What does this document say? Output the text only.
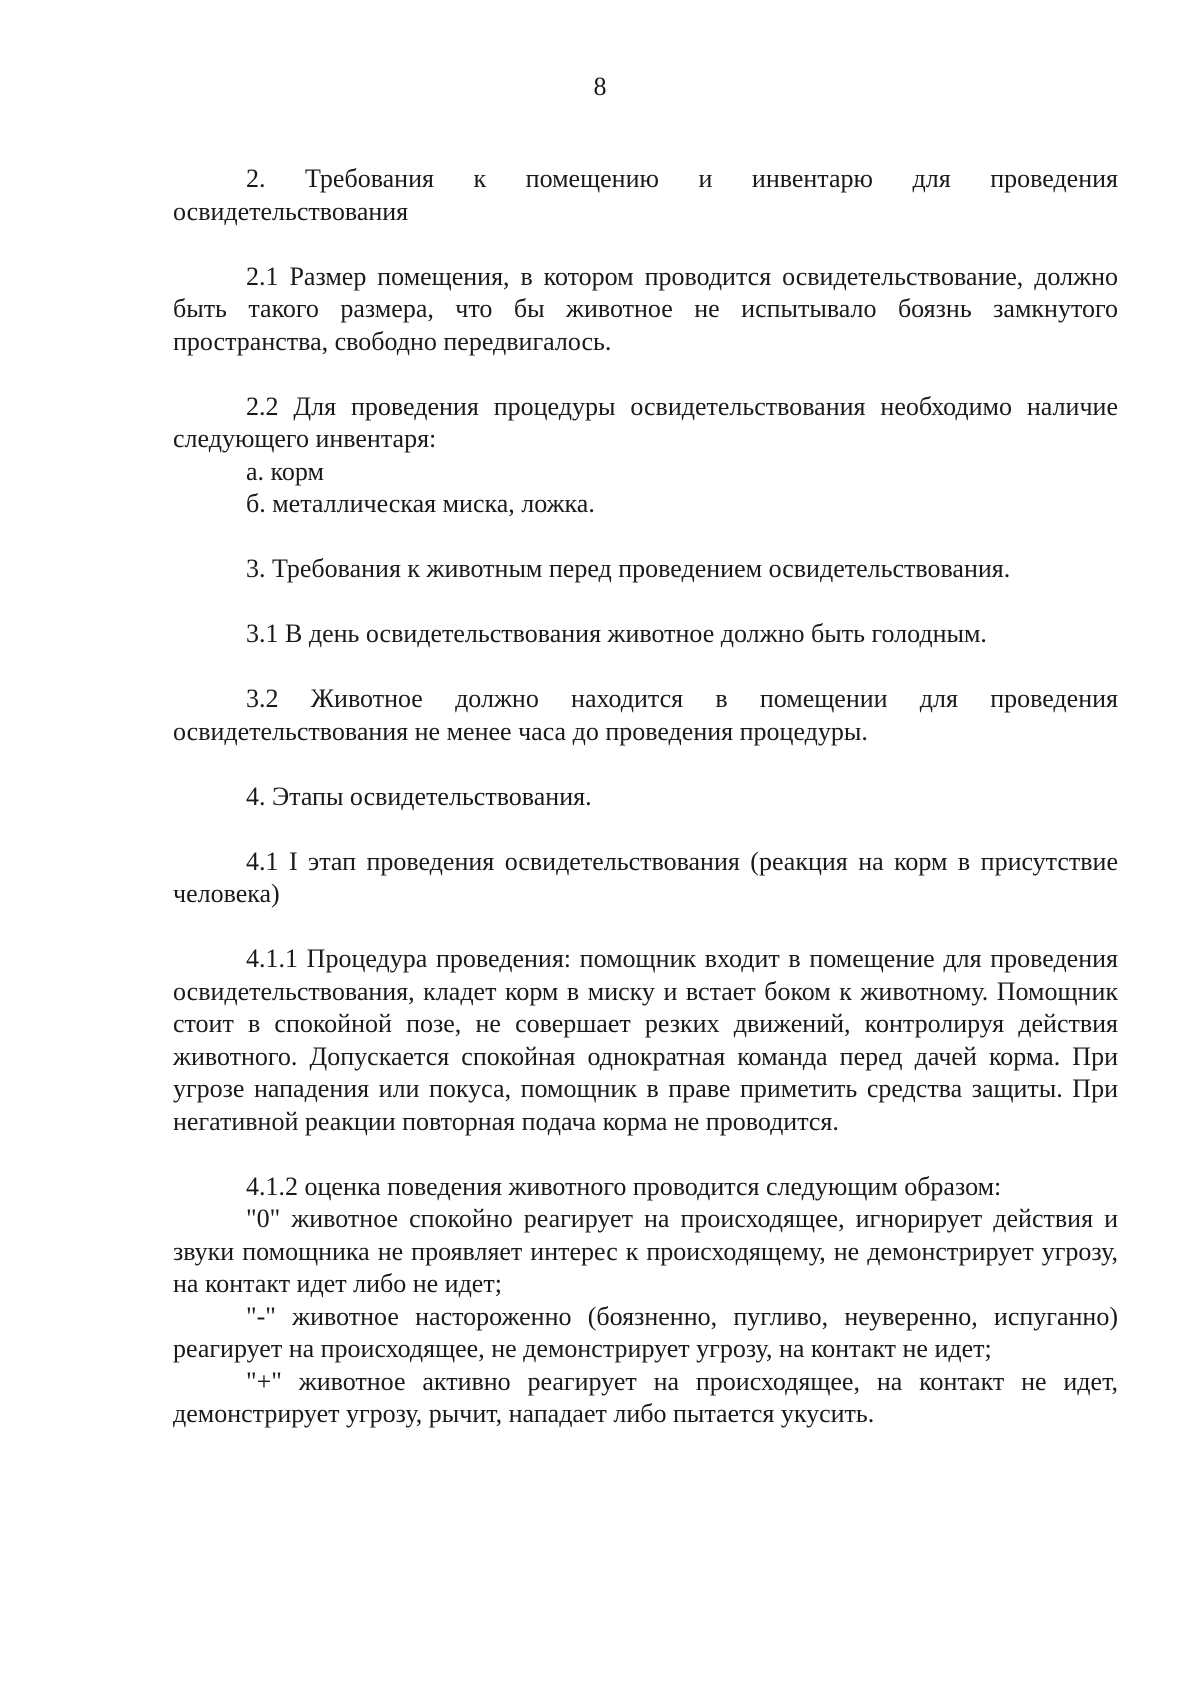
8

2. Требования к помещению и инвентарю для проведения освидетельствования

2.1 Размер помещения, в котором проводится освидетельствование, должно быть такого размера, что бы животное не испытывало боязнь замкнутого пространства, свободно передвигалось.

2.2 Для проведения процедуры освидетельствования необходимо наличие следующего инвентаря:

а. корм

б. металлическая миска, ложка.

3. Требования к животным перед проведением освидетельствования.

3.1 В день освидетельствования животное должно быть голодным.

3.2 Животное должно находится в помещении для проведения освидетельствования не менее часа до проведения процедуры.

4. Этапы освидетельствования.

4.1 I этап проведения освидетельствования (реакция на корм в присутствие человека)

4.1.1 Процедура проведения: помощник входит в помещение для проведения освидетельствования, кладет корм в миску и встает боком к животному. Помощник стоит в спокойной позе, не совершает резких движений, контролируя действия животного. Допускается спокойная однократная команда перед дачей корма. При угрозе нападения или покуса, помощник в праве приметить средства защиты. При негативной реакции повторная подача корма не проводится.

4.1.2 оценка поведения животного проводится следующим образом:

"0" животное спокойно реагирует на происходящее, игнорирует действия и звуки помощника не проявляет интерес к происходящему, не демонстрирует угрозу, на контакт идет либо не идет;

"-" животное настороженно (боязненно, пугливо, неуверенно, испуганно) реагирует на происходящее, не демонстрирует угрозу, на контакт не идет;

"+" животное активно реагирует на происходящее, на контакт не идет, демонстрирует угрозу, рычит, нападает либо пытается укусить.
